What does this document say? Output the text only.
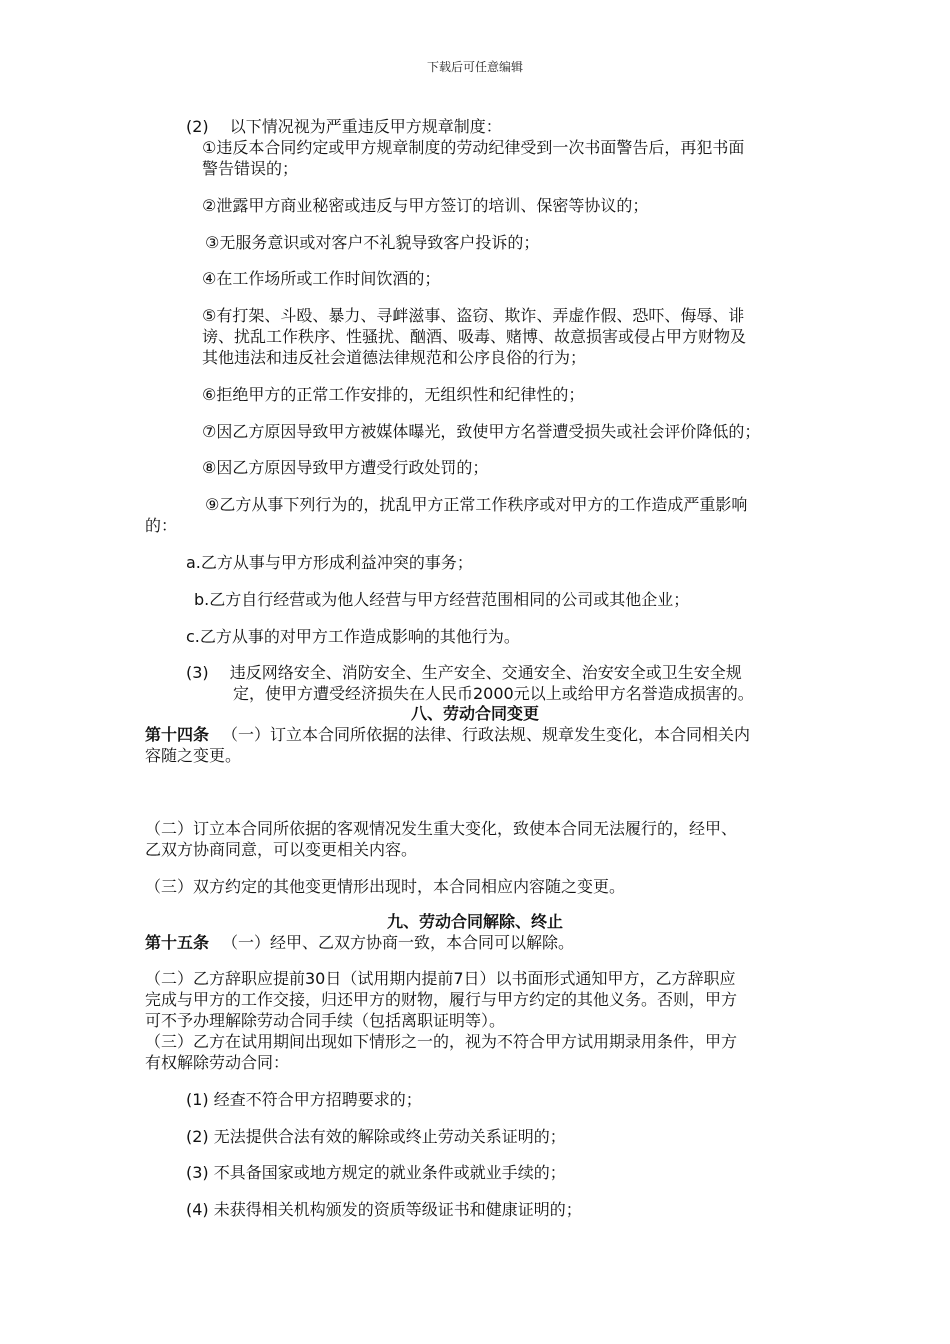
下载后可任意编辑
(2)　 以下情况视为严重违反甲方规章制度：
①违反本合同约定或甲方规章制度的劳动纪律受到一次书面警告后，再犯书面
警告错误的；
②泄露甲方商业秘密或违反与甲方签订的培训、保密等协议的；
③无服务意识或对客户不礼貌导致客户投诉的；
④在工作场所或工作时间饮酒的；
⑤有打架、斗殴、暴力、寻衅滋事、盗窃、欺诈、弄虚作假、恐吓、侮辱、诽
谤、扰乱工作秩序、性骚扰、酗酒、吸毒、赌博、故意损害或侵占甲方财物及
其他违法和违反社会道德法律规范和公序良俗的行为；
⑥拒绝甲方的正常工作安排的，无组织性和纪律性的；
⑦因乙方原因导致甲方被媒体曝光，致使甲方名誉遭受损失或社会评价降低的；
⑧因乙方原因导致甲方遭受行政处罚的；
⑨乙方从事下列行为的，扰乱甲方正常工作秩序或对甲方的工作造成严重影响
的：
a.乙方从事与甲方形成利益冲突的事务；
b.乙方自行经营或为他人经营与甲方经营范围相同的公司或其他企业；
c.乙方从事的对甲方工作造成影响的其他行为。
(3)　 违反网络安全、消防安全、生产安全、交通安全、治安安全或卫生安全规
定，使甲方遭受经济损失在人民币2000元以上或给甲方名誉造成损害的。
八、劳动合同变更
第十四条 （一）订立本合同所依据的法律、行政法规、规章发生变化，本合同相关内
容随之变更。
（二）订立本合同所依据的客观情况发生重大变化，致使本合同无法履行的，经甲、
乙双方协商同意，可以变更相关内容。
（三）双方约定的其他变更情形出现时，本合同相应内容随之变更。
九、劳动合同解除、终止
第十五条 （一）经甲、乙双方协商一致，本合同可以解除。
（二）乙方辞职应提前30日（试用期内提前7日）以书面形式通知甲方，乙方辞职应
完成与甲方的工作交接，归还甲方的财物，履行与甲方约定的其他义务。否则，甲方
可不予办理解除劳动合同手续（包括离职证明等）。
（三）乙方在试用期间出现如下情形之一的，视为不符合甲方试用期录用条件，甲方
有权解除劳动合同：
(1) 经查不符合甲方招聘要求的；
(2) 无法提供合法有效的解除或终止劳动关系证明的；
(3) 不具备国家或地方规定的就业条件或就业手续的；
(4) 未获得相关机构颁发的资质等级证书和健康证明的；
